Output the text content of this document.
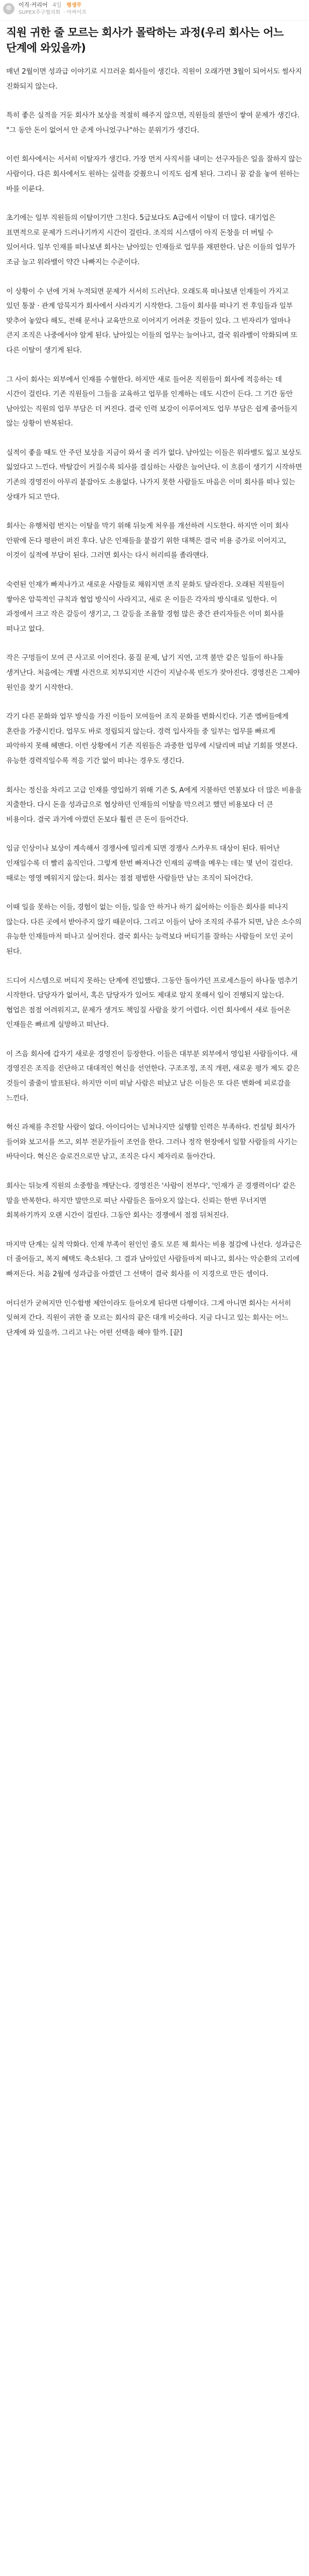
이직·커리어 4일 평생무
SUPEX추구협의회 · 아싸이프
직원 귀한 줄 모르는 회사가 몰락하는 과정(우리 회사는 어느 단계에 와있을까)

매년 2월이면 성과급 이야기로 시끄러운 회사들이 생긴다. 직원이 오래가면 3월이 되어서도 썰사지 진화되지 않는다.

특히 좋은 실적을 거둔 회사가 보상을 적절히 해주지 않으면, 직원들의 불만이 쌓여 문제가 생긴다. "그 동안 돈이 없어서 안 준게 아니었구나"하는 분위기가 생긴다.

이런 회사에서는 서서히 이탈자가 생긴다. 가장 먼저 사직서를 내미는 선구자들은 일을 잘하지 않는 사람이다. 다른 회사에서도 원하는 실력을 갖췄으니 이직도 쉽게 된다. 그리니 꿈 같을 놓여 원하는 바를 이룬다.

초기에는 일부 직원들의 이탈이기만 그친다. 5급보다도 A급에서 이탈이 더 많다. 대기업은 표면적으로 문제가 드러나기까지 시간이 걸린다. 조직의 시스템이 아직 돈창을 더 버틸 수 있어서다. 일부 인재를 떠나보낸 회사는 남아있는 인재들로 업무를 재편한다. 남은 이들의 업무가 조금 늘고 워라밸이 약간 나빠지는 수준이다.

이 상황이 수 년에 거쳐 누적되면 문제가 서서히 드러난다. 오래도록 떠나보낸 인재들이 가지고 있던 통찰 · 관계 암묵지가 회사에서 사라지기 시작한다. 그들이 회사를 떠나기 전 후임들과 일부 맞추어 놓았다 해도, 전해 문서나 교육만으로 이어지기 어려운 것들이 있다. 그 빈자리가 얼마나 큰지 조직은 나중에서야 알게 된다. 남아있는 이들의 업무는 늘어나고, 결국 워라밸이 악화되며 또 다른 이탈이 생기게 된다.

그 사이 회사는 외부에서 인재를 수혈한다. 하지만 새로 들어온 직원들이 회사에 적응하는 데 시간이 걸린다. 기존 직원들이 그들을 교육하고 업무를 인계하는 데도 시간이 든다. 그 기간 동안 남아있는 직원의 업무 부담은 더 커진다. 결국 인력 보강이 이루어져도 업무 부담은 쉽게 줄어들지 않는 상황이 반복된다.

실적이 좋을 때도 안 주던 보상을 지금이 와서 줄 리가 없다. 남아있는 이들은 워라밸도 잃고 보상도 잃었다고 느낀다. 박탈감이 커질수록 퇴사를 결심하는 사람은 늘어난다. 이 흐름이 생기기 시작하면 기존의 경영진이 아무리 붙잡아도 소용없다. 나가지 못한 사람들도 마음은 이미 회사를 떠나 있는 상태가 되고 만다.

회사는 유행처럼 번지는 이탈을 막기 위해 뒤늦게 처우를 개선하려 시도한다. 하지만 이미 회사 안팎에 돈다 평판이 퍼진 후다. 남은 인재들을 붙잡기 위한 대책은 결국 비용 증가로 이어지고, 이것이 실적에 부담이 된다. 그러면 회사는 다시 허리띠를 졸라맨다.

숙련된 인재가 빠져나가고 새로운 사람들로 채워지면 조직 문화도 달라진다. 오래된 직원들이 쌓아온 암묵적인 규칙과 협업 방식이 사라지고, 새로 온 이들은 각자의 방식대로 일한다. 이 과정에서 크고 작은 갈등이 생기고, 그 갈등을 조율할 경험 많은 중간 관리자들은 이미 회사를 떠나고 없다.

작은 구멍들이 모여 큰 사고로 이어진다. 품질 문제, 납기 지연, 고객 불만 같은 일들이 하나둘 생겨난다. 처음에는 개별 사건으로 치부되지만 시간이 지날수록 빈도가 잦아진다. 경영진은 그제야 원인을 찾기 시작한다.

각기 다른 문화와 업무 방식을 가진 이들이 모여들어 조직 문화를 변화시킨다. 기존 멤버들에게 혼란을 가중시킨다. 업무도 바로 정립되지 않는다. 경력 입사자들 중 일부는 업무를 빠르게 파악하지 못해 헤맨다. 이런 상황에서 기존 직원들은 과중한 업무에 시달리며 떠날 기회를 엿본다. 유능한 경력직일수록 적응 기간 없이 떠나는 경우도 생긴다.

회사는 정신을 차리고 고급 인재를 영입하기 위해 기존 S, A에게 지불하던 연봉보다 더 많은 비용을 지출한다. 다시 돈을 성과급으로 협상하던 인재들의 이탈을 막으려고 했던 비용보다 더 큰 비용이다. 결국 과거에 아꼈던 돈보다 훨씬 큰 돈이 들어간다.

임금 인상이나 보상이 계속해서 경쟁사에 밀리게 되면 경쟁사 스카우트 대상이 된다. 뛰어난 인재일수록 더 빨리 움직인다. 그렇게 한번 빠져나간 인재의 공백을 메우는 데는 몇 년이 걸린다. 때로는 영영 메워지지 않는다. 회사는 점점 평범한 사람들만 남는 조직이 되어간다.

이때 일을 못하는 이들, 경험이 없는 이들, 일을 안 하거나 하기 싫어하는 이들은 회사를 떠나지 않는다. 다른 곳에서 받아주지 않기 때문이다. 그리고 이들이 남아 조직의 주류가 되면, 남은 소수의 유능한 인재들마저 떠나고 싶어진다. 결국 회사는 능력보다 버티기를 잘하는 사람들이 모인 곳이 된다.

드디어 시스템으로 버티지 못하는 단계에 진입했다. 그동안 돌아가던 프로세스들이 하나둘 멈추기 시작한다. 담당자가 없어서, 혹은 담당자가 있어도 제대로 알지 못해서 일이 진행되지 않는다. 협업은 점점 어려워지고, 문제가 생겨도 책임질 사람을 찾기 어렵다. 이런 회사에서 새로 들어온 인재들은 빠르게 실망하고 떠난다.

이 즈음 회사에 갑자기 새로운 경영진이 등장한다. 이들은 대부분 외부에서 영입된 사람들이다. 새 경영진은 조직을 진단하고 대대적인 혁신을 선언한다. 구조조정, 조직 개편, 새로운 평가 제도 같은 것들이 줄줄이 발표된다. 하지만 이미 떠날 사람은 떠났고 남은 이들은 또 다른 변화에 피로감을 느낀다.

혁신 과제를 추진할 사람이 없다. 아이디어는 넘쳐나지만 실행할 인력은 부족하다. 컨설팅 회사가 들어와 보고서를 쓰고, 외부 전문가들이 조언을 한다. 그러나 정작 현장에서 일할 사람들의 사기는 바닥이다. 혁신은 슬로건으로만 남고, 조직은 다시 제자리로 돌아간다.

회사는 뒤늦게 직원의 소중함을 깨닫는다. 경영진은 '사람이 전부다', '인재가 곧 경쟁력이다' 같은 말을 반복한다. 하지만 말만으로 떠난 사람들은 돌아오지 않는다. 신뢰는 한번 무너지면 회복하기까지 오랜 시간이 걸린다. 그동안 회사는 경쟁에서 점점 뒤처진다.

마지막 단계는 실적 악화다. 인재 부족이 원인인 줄도 모른 채 회사는 비용 절감에 나선다. 성과급은 더 줄어들고, 복지 혜택도 축소된다. 그 결과 남아있던 사람들마저 떠나고, 회사는 악순환의 고리에 빠져든다. 처음 2월에 성과급을 아꼈던 그 선택이 결국 회사를 이 지경으로 만든 셈이다.

어디선가 굳혀지만 인수합병 제안이라도 들어오게 된다면 다행이다. 그게 아니면 회사는 서서히 잊혀져 간다. 직원이 귀한 줄 모르는 회사의 끝은 대개 비슷하다. 지금 다니고 있는 회사는 어느 단계에 와 있을까. 그리고 나는 어떤 선택을 해야 할까. [끝]
